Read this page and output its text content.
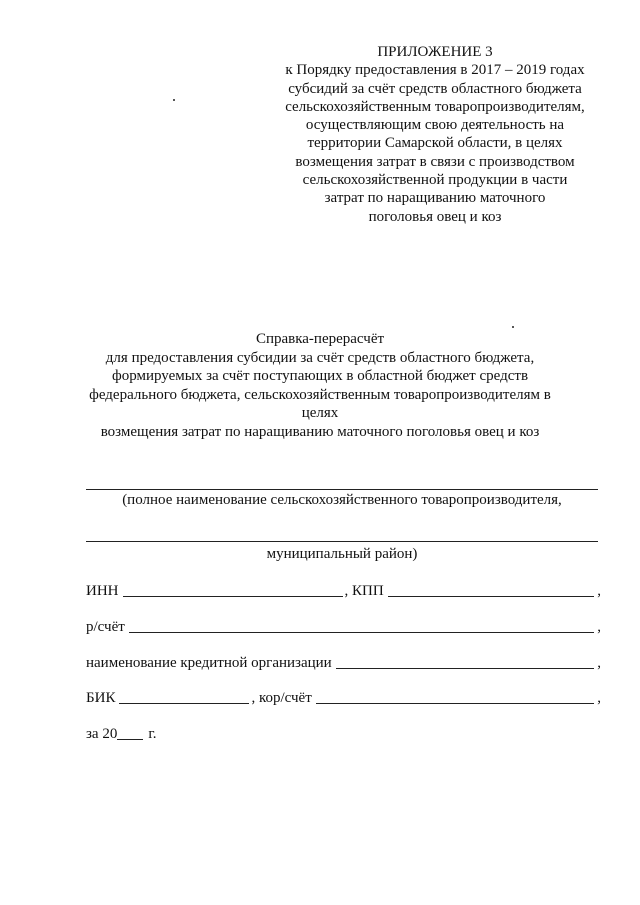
ПРИЛОЖЕНИЕ 3
к Порядку предоставления в 2017 – 2019 годах
субсидий за счёт средств областного бюджета
сельскохозяйственным товаропроизводителям,
осуществляющим свою деятельность на
территории Самарской области, в целях
возмещения затрат в связи с производством
сельскохозяйственной продукции в части
затрат по наращиванию маточного
поголовья овец и коз
Справка-перерасчёт
для предоставления субсидии за счёт средств областного бюджета,
формируемых за счёт поступающих в областной бюджет средств
федерального бюджета, сельскохозяйственным товаропроизводителям в целях
возмещения затрат по наращиванию маточного поголовья овец и коз
(полное наименование сельскохозяйственного товаропроизводителя,
муниципальный район)
ИНН	, КПП	,
р/счёт	,
наименование кредитной организации	,
БИК	, кор/счёт	,
за 20	г.
